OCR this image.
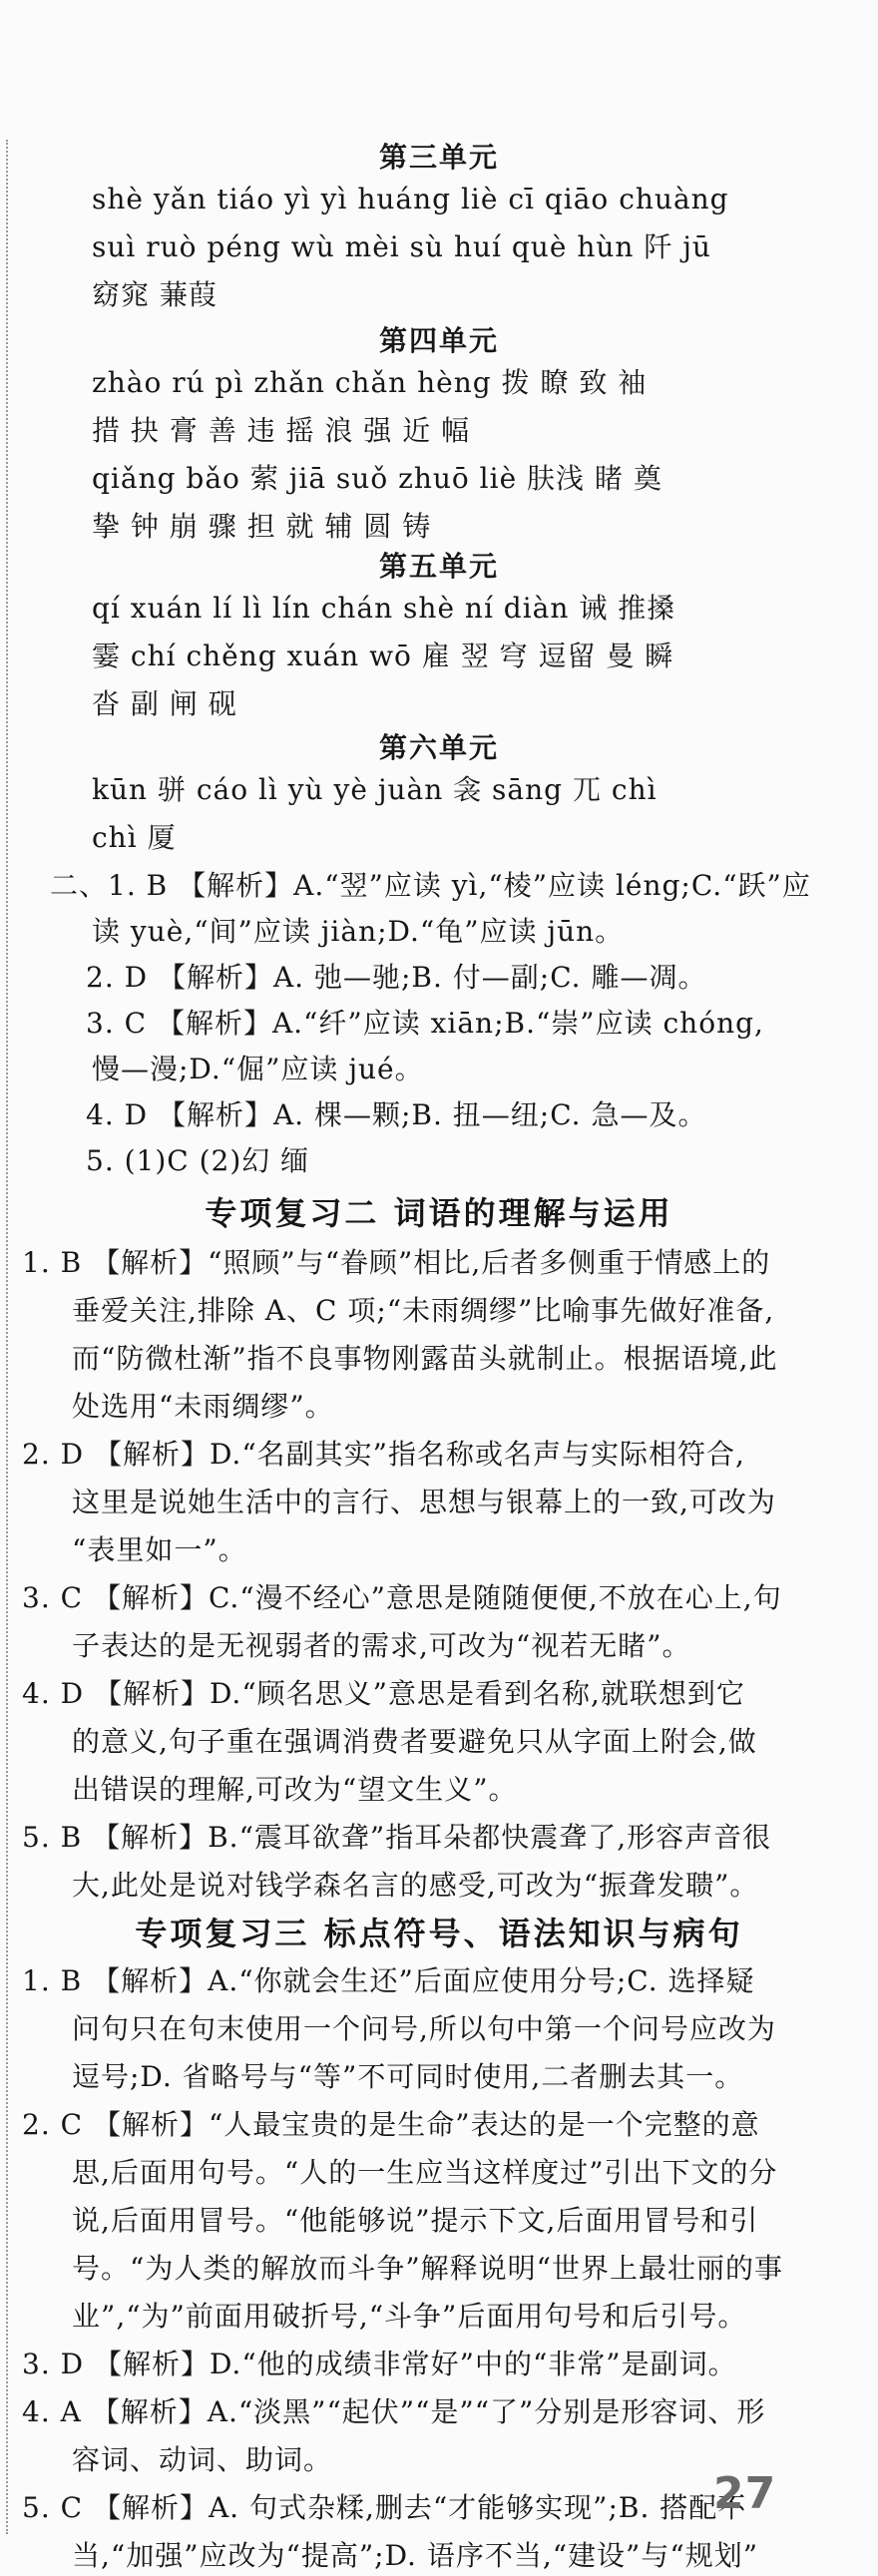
第三单元
shè yǎn tiáo yì yì huáng liè cī qiāo chuàng
suì ruò péng wù mèi sù huí què hùn 阡 jū
窈窕 蒹葭
第四单元
zhào rú pì zhǎn chǎn hèng 拨 瞭 致 袖
措 抉 膏 善 违 摇 浪 强 近 幅
qiǎng bǎo 萦 jiā suǒ zhuō liè 肤浅 睹 奠
挚 钟 崩 骤 担 就 辅 圆 铸
第五单元
qí xuán lí lì lín chán shè ní diàn 诫 推搡
霎 chí chěng xuán wō 雇 翌 穹 逗留 曼 瞬
沓 副 闸 砚
第六单元
kūn 骈 cáo lì yù yè juàn 衾 sāng 兀 chì
chì 厦
二、1. B 【解析】A.“翌”应读 yì,“棱”应读 léng;C.“跃”应
读 yuè,“间”应读 jiàn;D.“龟”应读 jūn。
2. D 【解析】A. 弛—驰;B. 付—副;C. 雕—凋。
3. C 【解析】A.“纤”应读 xiān;B.“崇”应读 chóng,
慢—漫;D.“倔”应读 jué。
4. D 【解析】A. 棵—颗;B. 扭—纽;C. 急—及。
5. (1)C (2)幻 缅
专项复习二 词语的理解与运用
1. B 【解析】“照顾”与“眷顾”相比,后者多侧重于情感上的
垂爱关注,排除 A、C 项;“未雨绸缪”比喻事先做好准备,
而“防微杜渐”指不良事物刚露苗头就制止。根据语境,此
处选用“未雨绸缪”。
2. D 【解析】D.“名副其实”指名称或名声与实际相符合,
这里是说她生活中的言行、思想与银幕上的一致,可改为
“表里如一”。
3. C 【解析】C.“漫不经心”意思是随随便便,不放在心上,句
子表达的是无视弱者的需求,可改为“视若无睹”。
4. D 【解析】D.“顾名思义”意思是看到名称,就联想到它
的意义,句子重在强调消费者要避免只从字面上附会,做
出错误的理解,可改为“望文生义”。
5. B 【解析】B.“震耳欲聋”指耳朵都快震聋了,形容声音很
大,此处是说对钱学森名言的感受,可改为“振聋发聩”。
专项复习三 标点符号、语法知识与病句
1. B 【解析】A.“你就会生还”后面应使用分号;C. 选择疑
问句只在句末使用一个问号,所以句中第一个问号应改为
逗号;D. 省略号与“等”不可同时使用,二者删去其一。
2. C 【解析】“人最宝贵的是生命”表达的是一个完整的意
思,后面用句号。“人的一生应当这样度过”引出下文的分
说,后面用冒号。“他能够说”提示下文,后面用冒号和引
号。“为人类的解放而斗争”解释说明“世界上最壮丽的事
业”,“为”前面用破折号,“斗争”后面用句号和后引号。
3. D 【解析】D.“他的成绩非常好”中的“非常”是副词。
4. A 【解析】A.“淡黑”“起伏”“是”“了”分别是形容词、形
容词、动词、助词。
5. C 【解析】A. 句式杂糅,删去“才能够实现”;B. 搭配不
当,“加强”应改为“提高”;D. 语序不当,“建设”与“规划”
27
